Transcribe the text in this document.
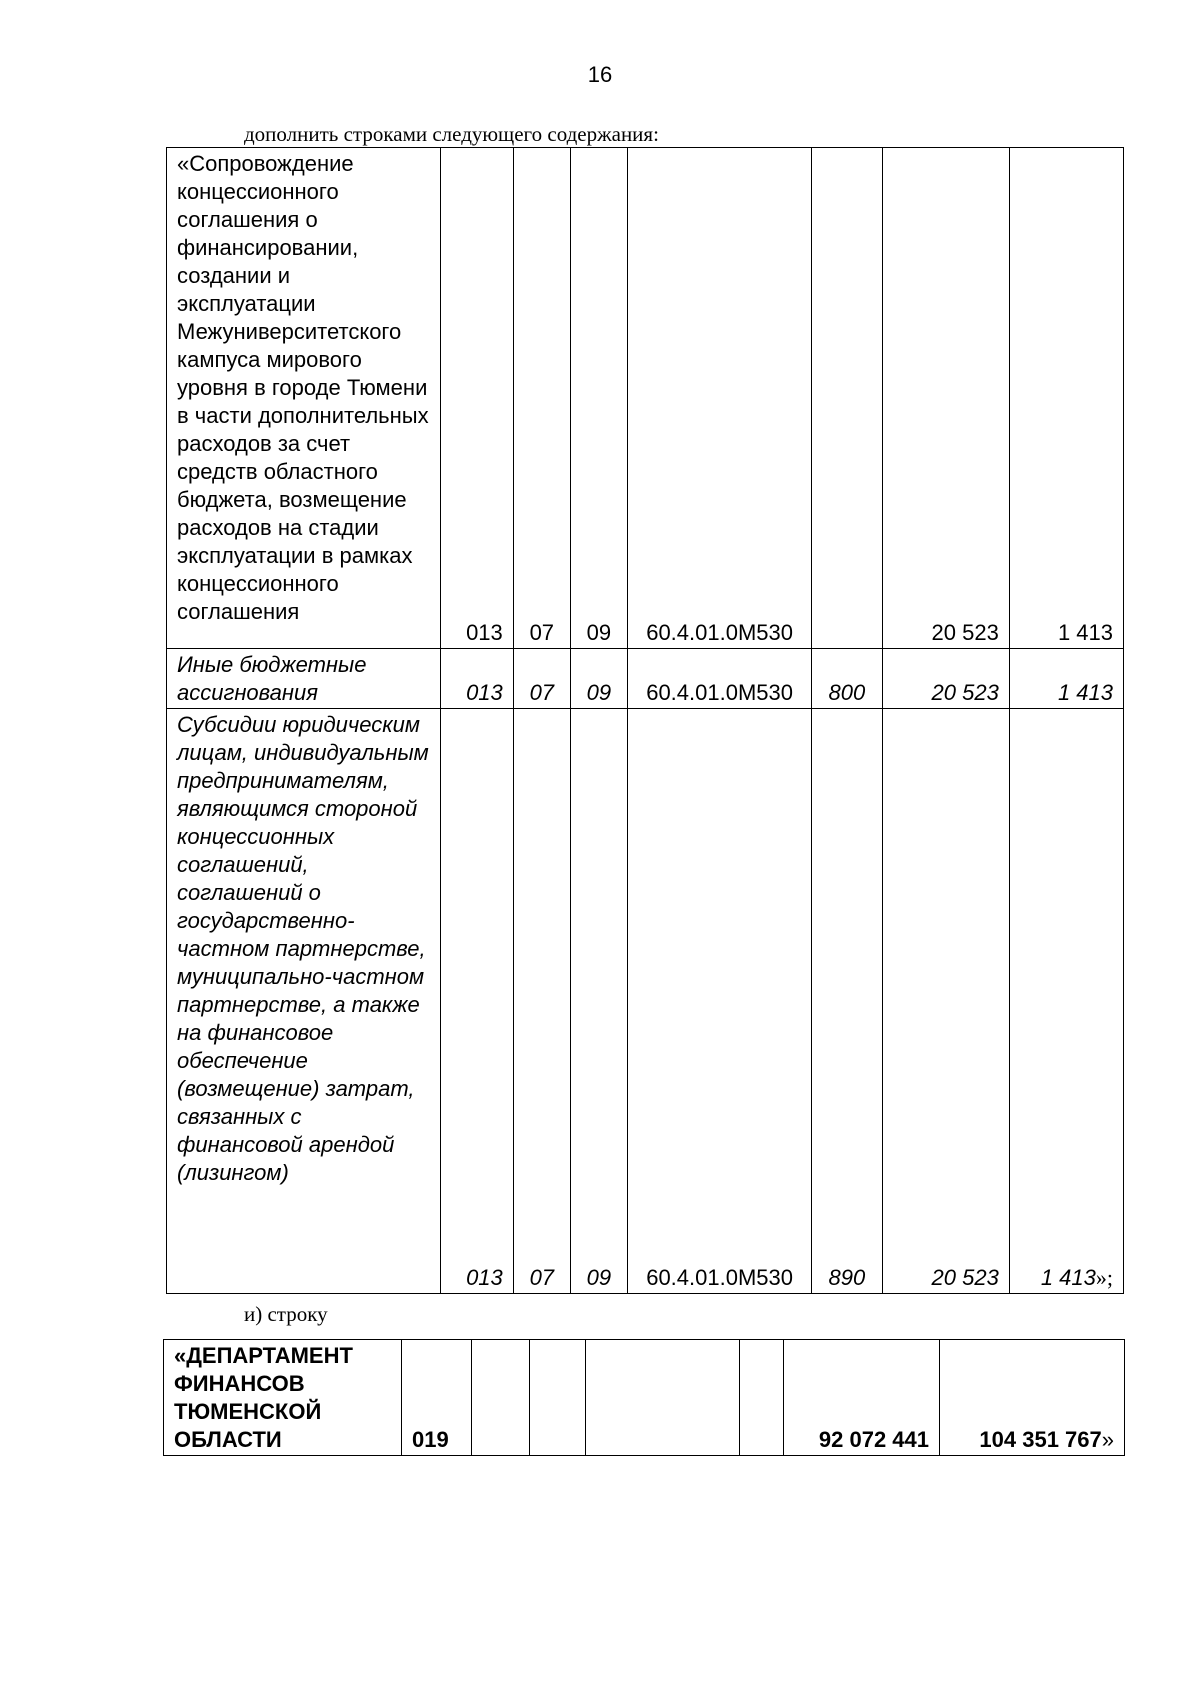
16
дополнить строками следующего содержания:
«Сопровождение концессионного соглашения о финансировании, создании и эксплуатации Межуниверситетского кампуса мирового уровня в городе Тюмени в части дополнительных расходов за счет средств областного бюджета, возмещение расходов на стадии эксплуатации в рамках концессионного соглашения	013	07	09	60.4.01.0М530		20 523	1 413
Иные бюджетные ассигнования	013	07	09	60.4.01.0М530	800	20 523	1 413
Субсидии юридическим лицам, индивидуальным предпринимателям, являющимся стороной концессионных соглашений, соглашений о государственно-частном партнерстве, муниципально-частном партнерстве, а также на финансовое обеспечение (возмещение) затрат, связанных с финансовой арендой (лизингом)	013	07	09	60.4.01.0М530	890	20 523	1 413»;
и) строку
«ДЕПАРТАМЕНТ ФИНАНСОВ ТЮМЕНСКОЙ ОБЛАСТИ	019					92 072 441	104 351 767»
